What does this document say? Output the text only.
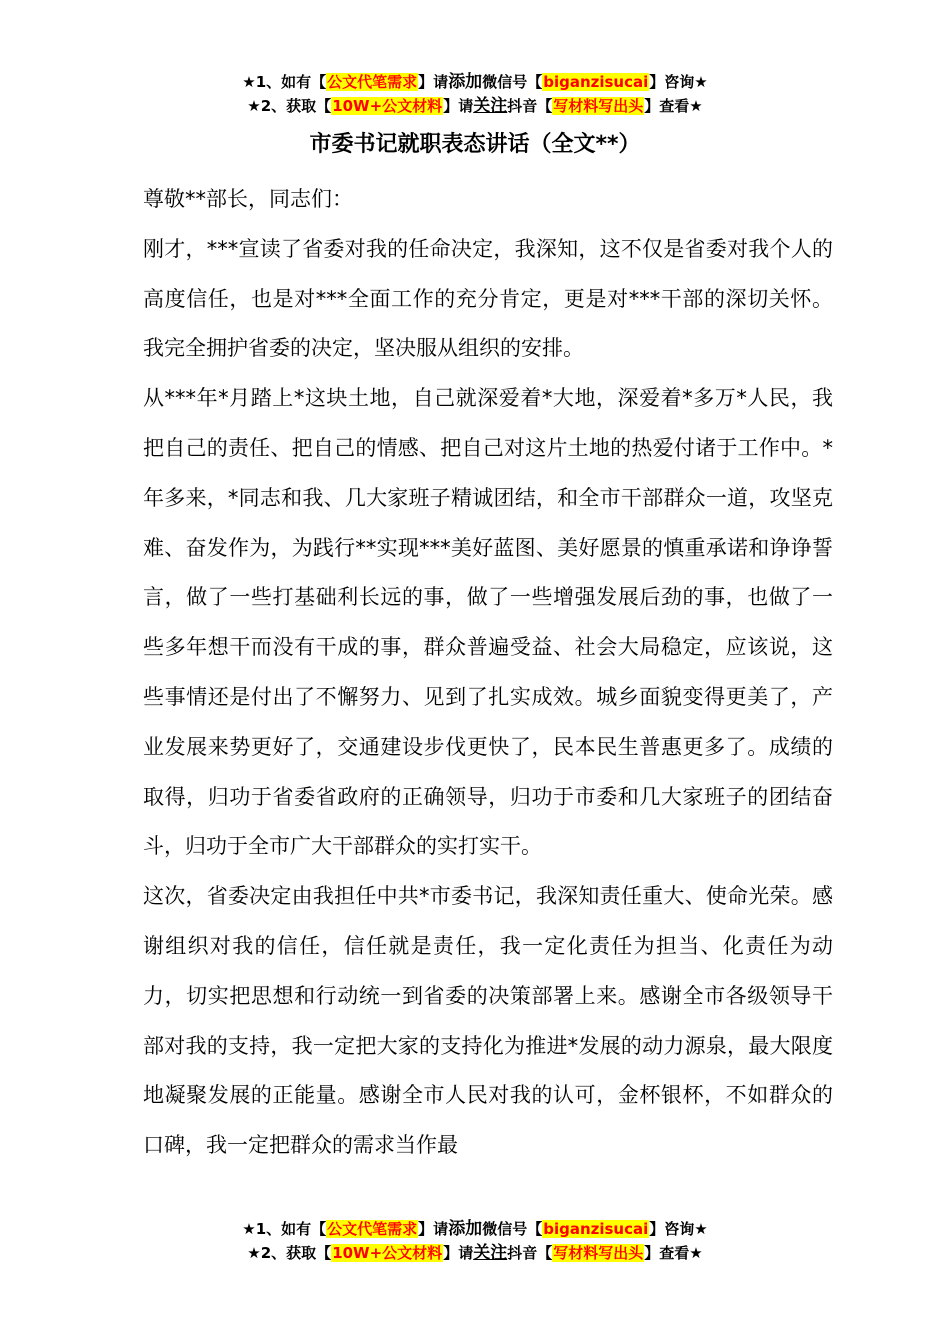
★1、如有【公文代笔需求】请添加微信号【biganzisucai】咨询★
★2、获取【10W+公文材料】请关注抖音【写材料写出头】查看★
市委书记就职表态讲话（全文**）

尊敬**部长，同志们：

刚才，***宣读了省委对我的任命决定，我深知，这不仅是省委对我个人的高度信任，也是对***全面工作的充分肯定，更是对***干部的深切关怀。我完全拥护省委的决定，坚决服从组织的安排。

从***年*月踏上*这块土地，自己就深爱着*大地，深爱着*多万*人民，我把自己的责任、把自己的情感、把自己对这片土地的热爱付诸于工作中。*年多来，*同志和我、几大家班子精诚团结，和全市干部群众一道，攻坚克难、奋发作为，为践行**实现***美好蓝图、美好愿景的慎重承诺和诤诤誓言，做了一些打基础利长远的事，做了一些增强发展后劲的事，也做了一些多年想干而没有干成的事，群众普遍受益、社会大局稳定，应该说，这些事情还是付出了不懈努力、见到了扎实成效。城乡面貌变得更美了，产业发展来势更好了，交通建设步伐更快了，民本民生普惠更多了。成绩的取得，归功于省委省政府的正确领导，归功于市委和几大家班子的团结奋斗，归功于全市广大干部群众的实打实干。

这次，省委决定由我担任中共*市委书记，我深知责任重大、使命光荣。感谢组织对我的信任，信任就是责任，我一定化责任为担当、化责任为动力，切实把思想和行动统一到省委的决策部署上来。感谢全市各级领导干部对我的支持，我一定把大家的支持化为推进*发展的动力源泉，最大限度地凝聚发展的正能量。感谢全市人民对我的认可，金杯银杯，不如群众的口碑，我一定把群众的需求当作最

★1、如有【公文代笔需求】请添加微信号【biganzisucai】咨询★
★2、获取【10W+公文材料】请关注抖音【写材料写出头】查看★
